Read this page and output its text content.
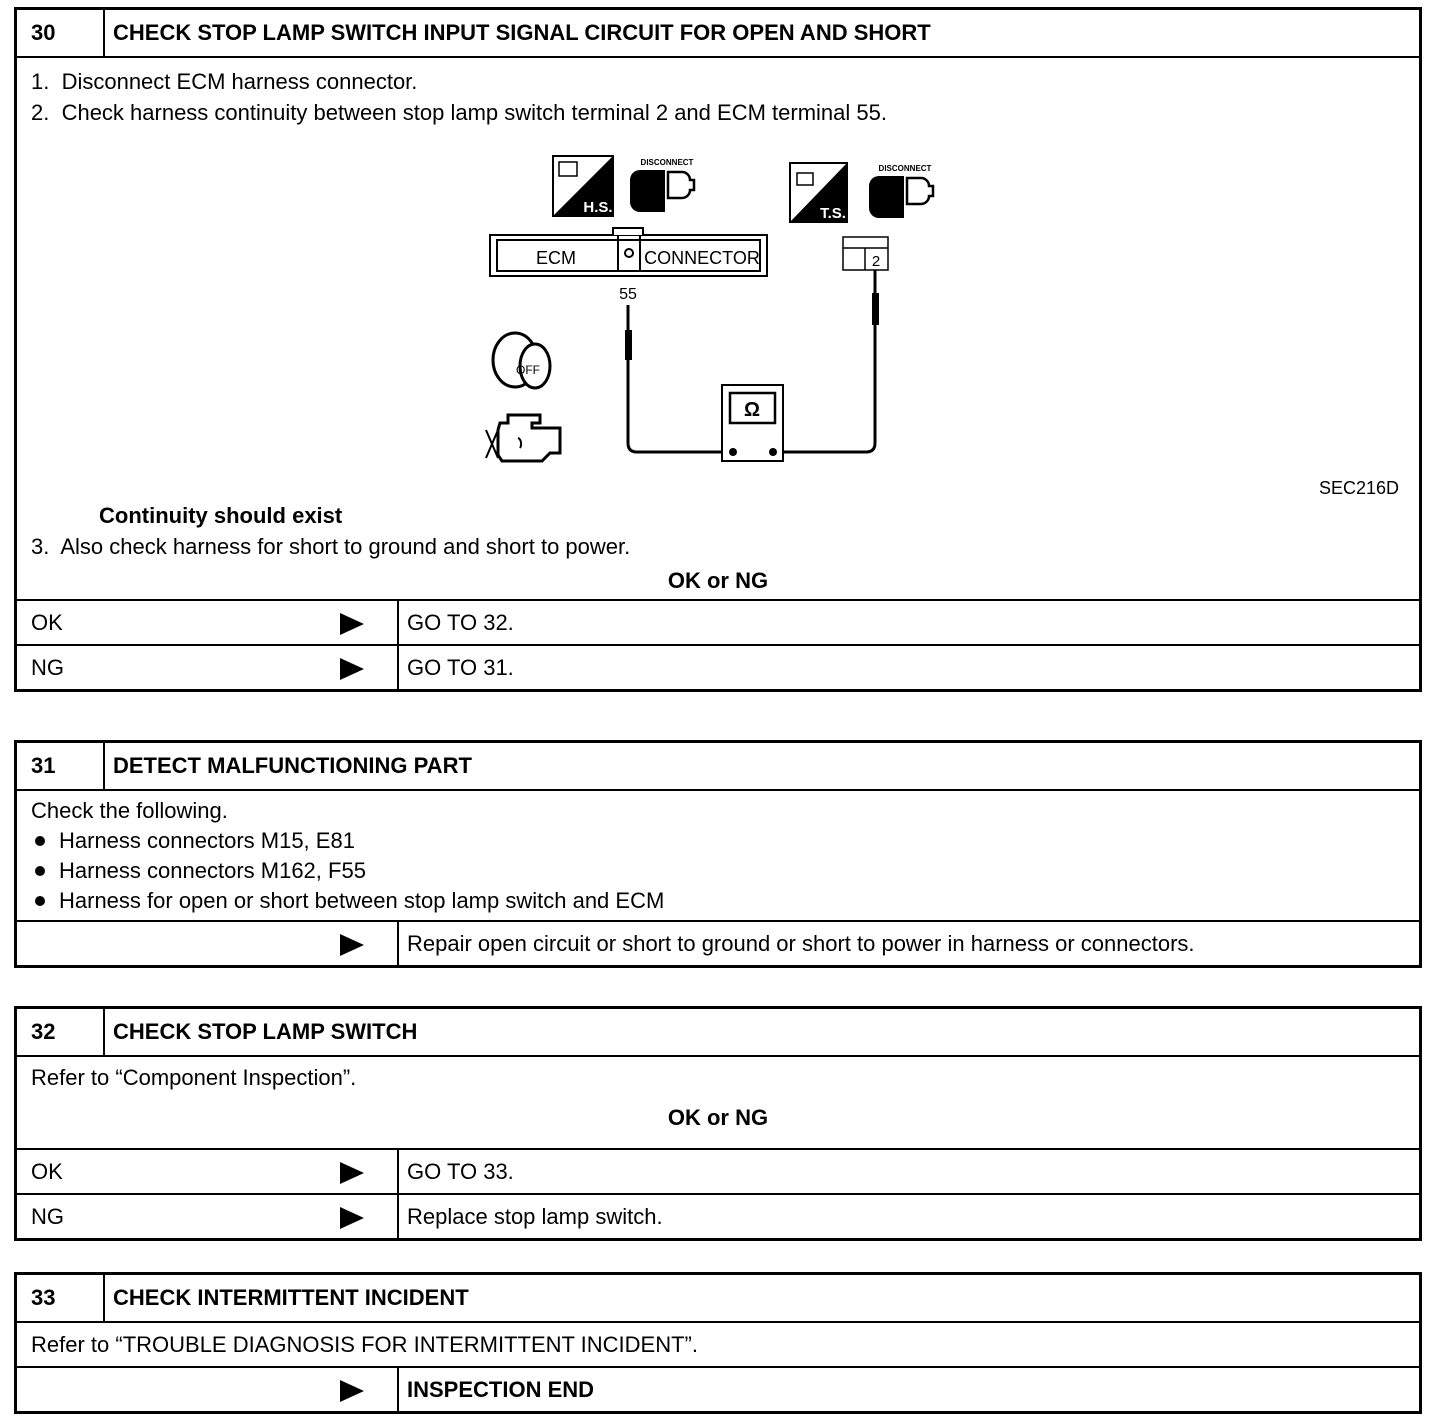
30	CHECK STOP LAMP SWITCH INPUT SIGNAL CIRCUIT FOR OPEN AND SHORT
1.  Disconnect ECM harness connector.
2.  Check harness continuity between stop lamp switch terminal 2 and ECM terminal 55.
H.S.
DISCONNECT
ECM	CONNECTOR
55
Ω
T.S.
DISCONNECT
2
OFF
SEC216D
Continuity should exist
3.  Also check harness for short to ground and short to power.
OK or NG
OK	GO TO 32.
NG	GO TO 31.
31	DETECT MALFUNCTIONING PART
Check the following.
Harness connectors M15, E81
Harness connectors M162, F55
Harness for open or short between stop lamp switch and ECM
Repair open circuit or short to ground or short to power in harness or connectors.
32	CHECK STOP LAMP SWITCH
Refer to “Component Inspection”.
OK or NG
OK	GO TO 33.
NG	Replace stop lamp switch.
33	CHECK INTERMITTENT INCIDENT
Refer to “TROUBLE DIAGNOSIS FOR INTERMITTENT INCIDENT”.
INSPECTION END
